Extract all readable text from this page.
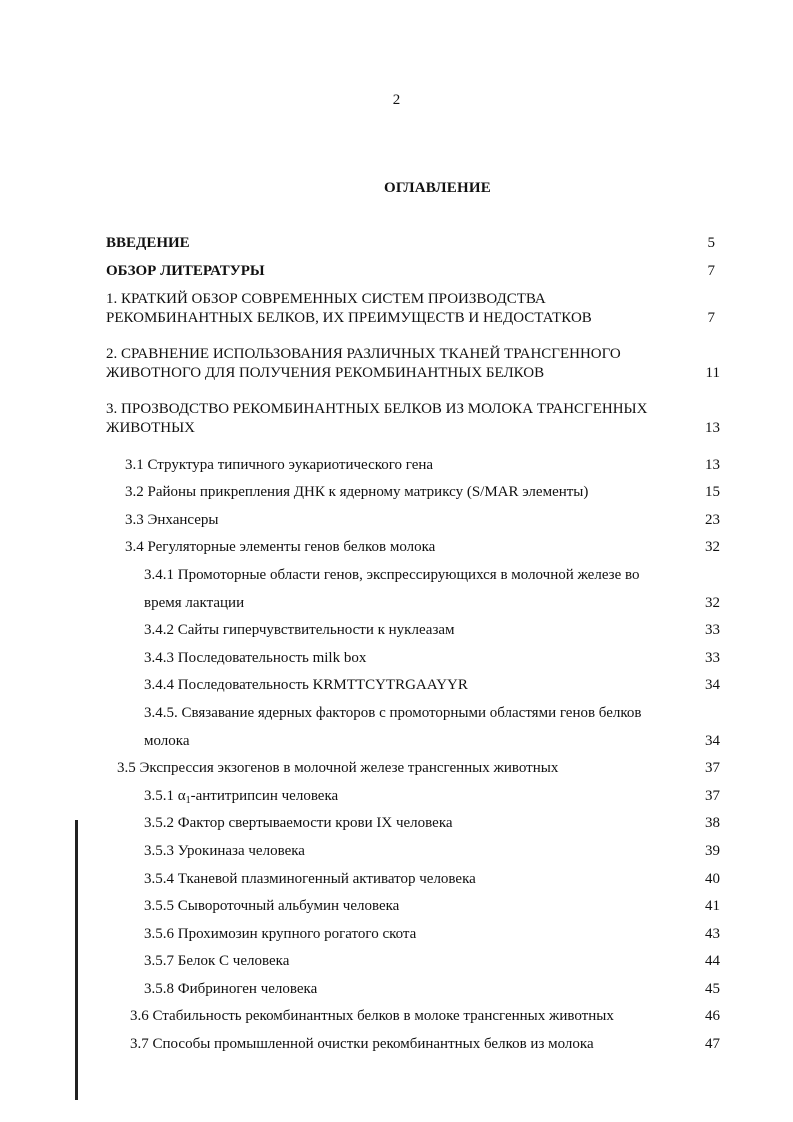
2
ОГЛАВЛЕНИЕ
ВВЕДЕНИЕ	5
ОБЗОР ЛИТЕРАТУРЫ	7
1. КРАТКИЙ ОБЗОР СОВРЕМЕННЫХ СИСТЕМ ПРОИЗВОДСТВА
РЕКОМБИНАНТНЫХ БЕЛКОВ, ИХ ПРЕИМУЩЕСТВ И НЕДОСТАТКОВ	7
2. СРАВНЕНИЕ ИСПОЛЬЗОВАНИЯ РАЗЛИЧНЫХ ТКАНЕЙ ТРАНСГЕННОГО
ЖИВОТНОГО ДЛЯ ПОЛУЧЕНИЯ РЕКОМБИНАНТНЫХ БЕЛКОВ	11
3. ПРОЗВОДСТВО РЕКОМБИНАНТНЫХ БЕЛКОВ ИЗ МОЛОКА ТРАНСГЕННЫХ
ЖИВОТНЫХ	13
3.1 Структура типичного эукариотического гена	13
3.2 Районы прикрепления ДНК к ядерному матриксу (S/MAR элементы)	15
3.3 Энхансеры	23
3.4 Регуляторные элементы генов белков молока	32
3.4.1 Промоторные области генов, экспрессирующихся в молочной железе во
время лактации	32
3.4.2 Сайты гиперчувствительности к нуклеазам	33
3.4.3 Последовательность milk box	33
3.4.4 Последовательность KRMTTCYTRGAAYYR	34
3.4.5. Связавание ядерных факторов с промоторными областями генов белков
молока	34
3.5 Экспрессия экзогенов в молочной железе трансгенных животных	37
3.5.1 $\alpha_1$-антитрипсин человека	37
3.5.2 Фактор свертываемости крови IX человека	38
3.5.3 Урокиназа человека	39
3.5.4 Тканевой плазминогенный активатор человека	40
3.5.5 Сывороточный альбумин человека	41
3.5.6 Прохимозин крупного рогатого скота	43
3.5.7 Белок С человека	44
3.5.8 Фибриноген человека	45
3.6 Стабильность рекомбинантных белков в молоке трансгенных животных	46
3.7 Способы промышленной очистки рекомбинантных белков из молока	47
